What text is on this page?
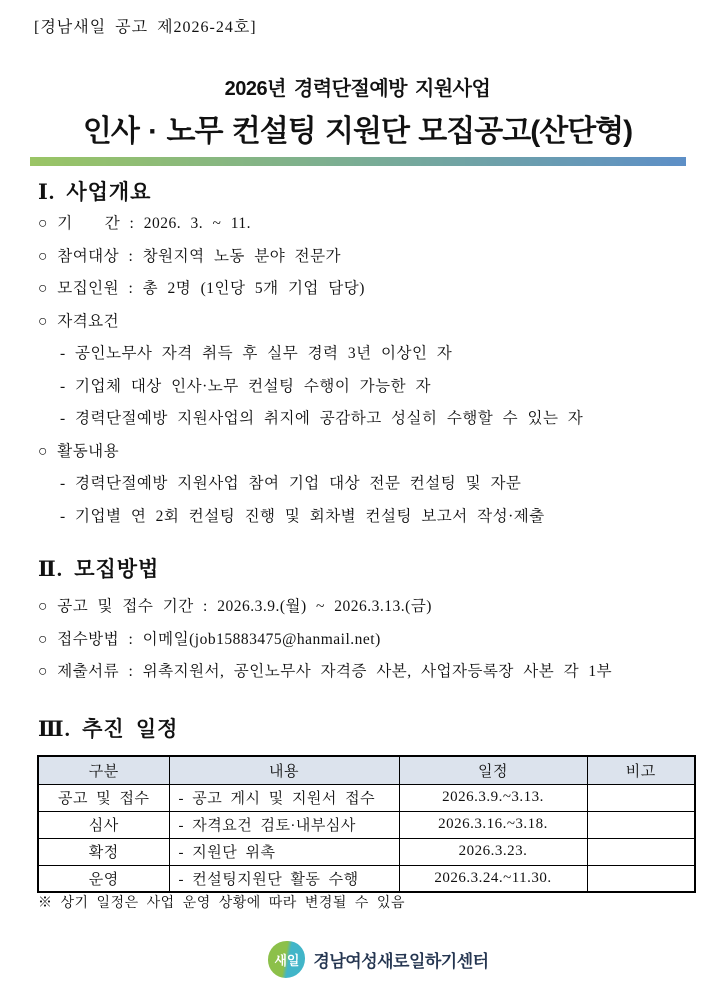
[경남새일 공고 제2026-24호]
2026년 경력단절예방 지원사업
인사 · 노무 컨설팅 지원단 모집공고(산단형)
Ⅰ. 사업개요
○ 기　　간 : 2026. 3. ~ 11.
○ 참여대상 : 창원지역 노동 분야 전문가
○ 모집인원 : 총 2명 (1인당 5개 기업 담당)
○ 자격요건
- 공인노무사 자격 취득 후 실무 경력 3년 이상인 자
- 기업체 대상 인사·노무 컨설팅 수행이 가능한 자
- 경력단절예방 지원사업의 취지에 공감하고 성실히 수행할 수 있는 자
○ 활동내용
- 경력단절예방 지원사업 참여 기업 대상 전문 컨설팅 및 자문
- 기업별 연 2회 컨설팅 진행 및 회차별 컨설팅 보고서 작성·제출
Ⅱ. 모집방법
○ 공고 및 접수 기간 : 2026.3.9.(월) ~ 2026.3.13.(금)
○ 접수방법 : 이메일(job15883475@hanmail.net)
○ 제출서류 : 위촉지원서, 공인노무사 자격증 사본, 사업자등록장 사본 각 1부
Ⅲ. 추진 일정
구분	내용	일정	비고
공고 및 접수	- 공고 게시 및 지원서 접수	2026.3.9.~3.13.	
심사	- 자격요건 검토·내부심사	2026.3.16.~3.18.	
확정	- 지원단 위촉	2026.3.23.	
운영	- 컨설팅지원단 활동 수행	2026.3.24.~11.30.	
※ 상기 일정은 사업 운영 상황에 따라 변경될 수 있음
새일 경남여성새로일하기센터
